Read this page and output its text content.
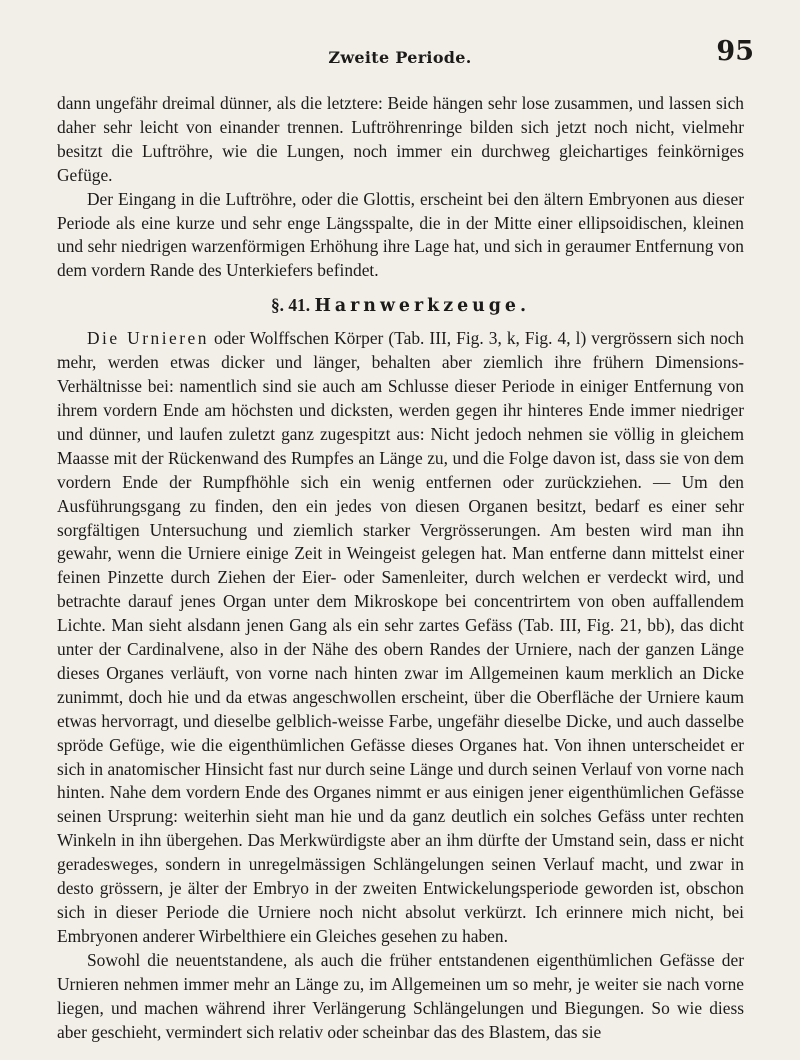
Zweite Periode.	95

dann ungefähr dreimal dünner, als die letztere: Beide hängen sehr lose zusammen, und lassen sich daher sehr leicht von einander trennen. Luftröhrenringe bilden sich jetzt noch nicht, vielmehr besitzt die Luftröhre, wie die Lungen, noch immer ein durchweg gleichartiges feinkörniges Gefüge.

Der Eingang in die Luftröhre, oder die Glottis, erscheint bei den ältern Embryonen aus dieser Periode als eine kurze und sehr enge Längsspalte, die in der Mitte einer ellipsoidischen, kleinen und sehr niedrigen warzenförmigen Erhöhung ihre Lage hat, und sich in geraumer Entfernung von dem vordern Rande des Unterkiefers befindet.

§. 41. Harnwerkzeuge.

Die Urnieren oder Wolffschen Körper (Tab. III, Fig. 3, k, Fig. 4, l) vergrössern sich noch mehr, werden etwas dicker und länger, behalten aber ziemlich ihre frühern Dimensions-Verhältnisse bei: namentlich sind sie auch am Schlusse dieser Periode in einiger Entfernung von ihrem vordern Ende am höchsten und dicksten, werden gegen ihr hinteres Ende immer niedriger und dünner, und laufen zuletzt ganz zugespitzt aus: Nicht jedoch nehmen sie völlig in gleichem Maasse mit der Rückenwand des Rumpfes an Länge zu, und die Folge davon ist, dass sie von dem vordern Ende der Rumpfhöhle sich ein wenig entfernen oder zurückziehen. — Um den Ausführungsgang zu finden, den ein jedes von diesen Organen besitzt, bedarf es einer sehr sorgfältigen Untersuchung und ziemlich starker Vergrösserungen. Am besten wird man ihn gewahr, wenn die Urniere einige Zeit in Weingeist gelegen hat. Man entferne dann mittelst einer feinen Pinzette durch Ziehen der Eier- oder Samenleiter, durch welchen er verdeckt wird, und betrachte darauf jenes Organ unter dem Mikroskope bei concentrirtem von oben auffallendem Lichte. Man sieht alsdann jenen Gang als ein sehr zartes Gefäss (Tab. III, Fig. 21, bb), das dicht unter der Cardinalvene, also in der Nähe des obern Randes der Urniere, nach der ganzen Länge dieses Organes verläuft, von vorne nach hinten zwar im Allgemeinen kaum merklich an Dicke zunimmt, doch hie und da etwas angeschwollen erscheint, über die Oberfläche der Urniere kaum etwas hervorragt, und dieselbe gelblich-weisse Farbe, ungefähr dieselbe Dicke, und auch dasselbe spröde Gefüge, wie die eigenthümlichen Gefässe dieses Organes hat. Von ihnen unterscheidet er sich in anatomischer Hinsicht fast nur durch seine Länge und durch seinen Verlauf von vorne nach hinten. Nahe dem vordern Ende des Organes nimmt er aus einigen jener eigenthümlichen Gefässe seinen Ursprung: weiterhin sieht man hie und da ganz deutlich ein solches Gefäss unter rechten Winkeln in ihn übergehen. Das Merkwürdigste aber an ihm dürfte der Umstand sein, dass er nicht geradesweges, sondern in unregelmässigen Schlängelungen seinen Verlauf macht, und zwar in desto grössern, je älter der Embryo in der zweiten Entwickelungsperiode geworden ist, obschon sich in dieser Periode die Urniere noch nicht absolut verkürzt. Ich erinnere mich nicht, bei Embryonen anderer Wirbelthiere ein Gleiches gesehen zu haben.

Sowohl die neuentstandene, als auch die früher entstandenen eigenthümlichen Gefässe der Urnieren nehmen immer mehr an Länge zu, im Allgemeinen um so mehr, je weiter sie nach vorne liegen, und machen während ihrer Verlängerung Schlängelungen und Biegungen. So wie diess aber geschieht, vermindert sich relativ oder scheinbar das des Blastem, das sie
